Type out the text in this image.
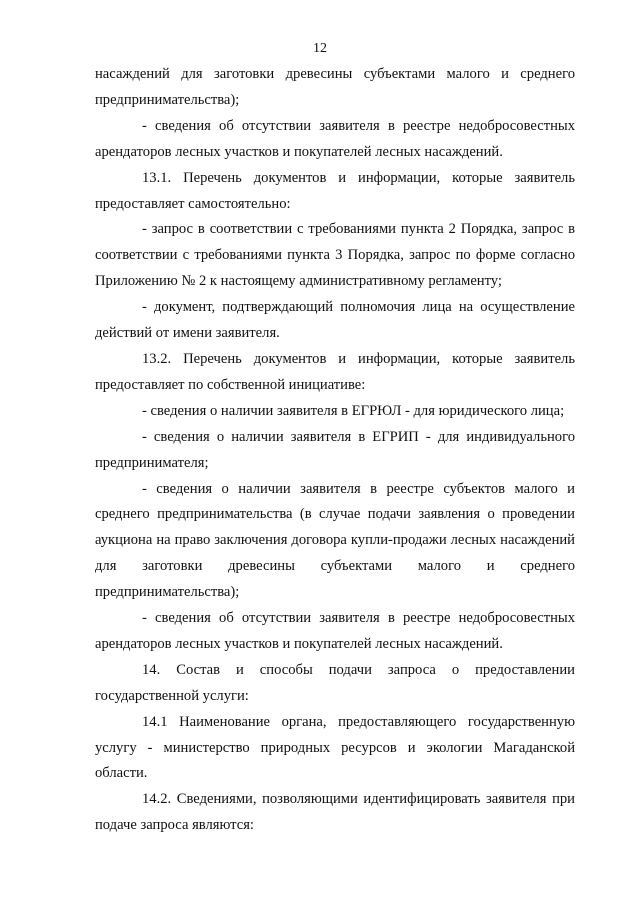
12

насаждений для заготовки древесины субъектами малого и среднего предпринимательства);

- сведения об отсутствии заявителя в реестре недобросовестных арендаторов лесных участков и покупателей лесных насаждений.

13.1. Перечень документов и информации, которые заявитель предоставляет самостоятельно:

- запрос в соответствии с требованиями пункта 2 Порядка, запрос в соответствии с требованиями пункта 3 Порядка, запрос по форме согласно Приложению № 2 к настоящему административному регламенту;

- документ, подтверждающий полномочия лица на осуществление действий от имени заявителя.

13.2. Перечень документов и информации, которые заявитель предоставляет по собственной инициативе:

- сведения о наличии заявителя в ЕГРЮЛ - для юридического лица;

- сведения о наличии заявителя в ЕГРИП - для индивидуального предпринимателя;

- сведения о наличии заявителя в реестре субъектов малого и среднего предпринимательства (в случае подачи заявления о проведении аукциона на право заключения договора купли-продажи лесных насаждений для заготовки древесины субъектами малого и среднего предпринимательства);

- сведения об отсутствии заявителя в реестре недобросовестных арендаторов лесных участков и покупателей лесных насаждений.

14. Состав и способы подачи запроса о предоставлении государственной услуги:

14.1 Наименование органа, предоставляющего государственную услугу - министерство природных ресурсов и экологии Магаданской области.

14.2. Сведениями, позволяющими идентифицировать заявителя при подаче запроса являются:
